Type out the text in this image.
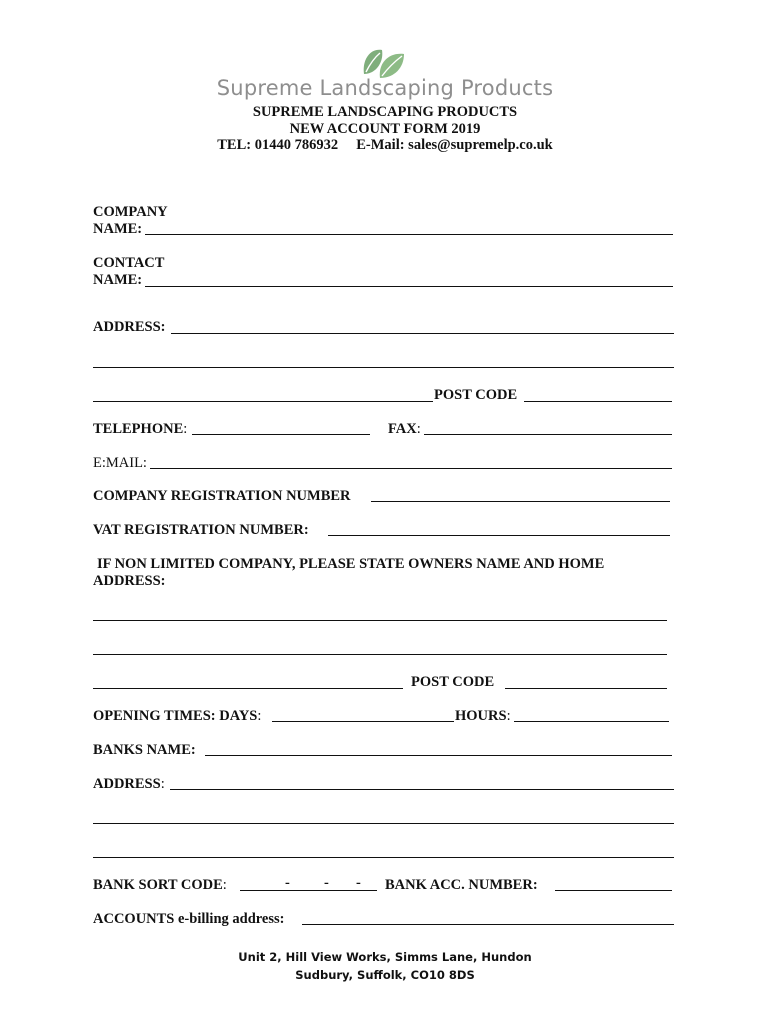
Supreme Landscaping Products
SUPREME LANDSCAPING PRODUCTS
NEW ACCOUNT FORM 2019
TEL: 01440 786932     E-Mail: sales@supremelp.co.uk
COMPANY
NAME:
CONTACT
NAME:
ADDRESS:
POST CODE
TELEPHONE:	FAX:
E:MAIL:
COMPANY REGISTRATION NUMBER
VAT REGISTRATION NUMBER:
IF NON LIMITED COMPANY, PLEASE STATE OWNERS NAME AND HOME
ADDRESS:
POST CODE
OPENING TIMES: DAYS:	HOURS:
BANKS NAME:
ADDRESS:
BANK SORT CODE:	- - - BANK ACC. NUMBER:
ACCOUNTS e-billing address:
Unit 2, Hill View Works, Simms Lane, Hundon
Sudbury, Suffolk, CO10 8DS
